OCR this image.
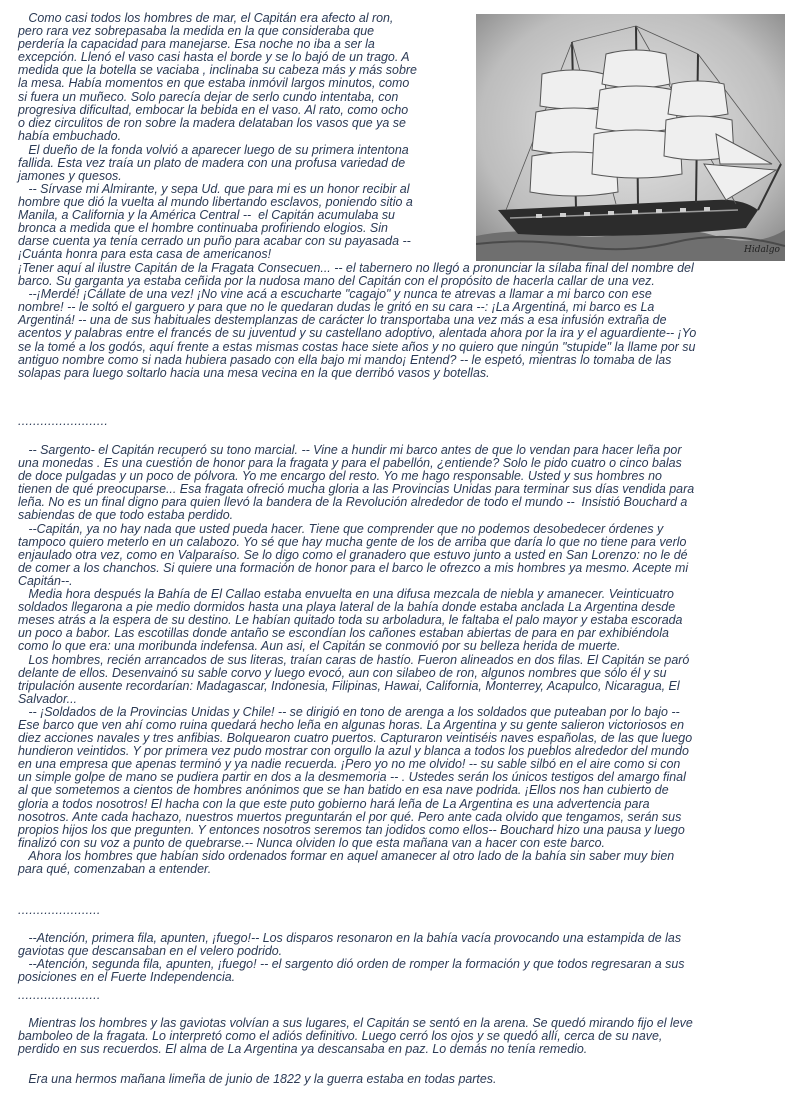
Hidalgo

Como casi todos los hombres de mar, el Capitán era afecto al ron,
pero rara vez sobrepasaba la medida en la que consideraba que
perdería la capacidad para manejarse. Esa noche no iba a ser la
excepción. Llenó el vaso casi hasta el borde y se lo bajó de un trago. A
medida que la botella se vaciaba , inclinaba su cabeza más y más sobre
la mesa. Había momentos en que estaba inmóvil largos minutos, como
si fuera un muñeco. Solo parecía dejar de serlo cundo intentaba, con
progresiva dificultad, embocar la bebida en el vaso. Al rato, como ocho
o diez circulitos de ron sobre la madera delataban los vasos que ya se
había embuchado.

El dueño de la fonda volvió a aparecer luego de su primera intentona
fallida. Esta vez traía un plato de madera con una profusa variedad de
jamones y quesos.

-- Sírvase mi Almirante, y sepa Ud. que para mi es un honor recibir al
hombre que dió la vuelta al mundo libertando esclavos, poniendo sitio a
Manila, a California y la América Central --  el Capitán acumulaba su
bronca a medida que el hombre continuaba profiriendo elogios. Sin
darse cuenta ya tenía cerrado un puño para acabar con su payasada --
¡Cuánta honra para esta casa de americanos!

¡Tener aquí al ilustre Capitán de la Fragata Consecuen... -- el tabernero no llegó a pronunciar la sílaba final del nombre del
barco. Su garganta ya estaba ceñida por la nudosa mano del Capitán con el propósito de hacerla callar de una vez.
--¡Merdé! ¡Cállate de una vez! ¡No vine acá a escucharte "cagajo" y nunca te atrevas a llamar a mi barco con ese
nombre! -- le soltó el garguero y para que no le quedaran dudas le gritó en su cara --: ¡La Argentiná, mi barco es La
Argentiná! -- una de sus habituales destemplanzas de carácter lo transportaba una vez más a esa infusión extraña de
acentos y palabras entre el francés de su juventud y su castellano adoptivo, alentada ahora por la ira y el aguardiente-- ¡Yo
se la tomé a los godós, aquí frente a estas mismas costas hace siete años y no quiero que ningún "stupide" la llame por su
antiguo nombre como si nada hubiera pasado con ella bajo mi mando¡ Entend? -- le espetó, mientras lo tomaba de las
solapas para luego soltarlo hacia una mesa vecina en la que derribó vasos y botellas.

........................

-- Sargento- el Capitán recuperó su tono marcial. -- Vine a hundir mi barco antes de que lo vendan para hacer leña por
una monedas . Es una cuestión de honor para la fragata y para el pabellón, ¿entiende? Solo le pido cuatro o cinco balas
de doce pulgadas y un poco de pólvora. Yo me encargo del resto. Yo me hago responsable. Usted y sus hombres no
tienen de qué preocuparse... Esa fragata ofreció mucha gloria a las Provincias Unidas para terminar sus días vendida para
leña. No es un final digno para quien llevó la bandera de la Revolución alrededor de todo el mundo --  Insistió Bouchard a
sabiendas de que todo estaba perdido.
--Capitán, ya no hay nada que usted pueda hacer. Tiene que comprender que no podemos desobedecer órdenes y
tampoco quiero meterlo en un calabozo. Yo sé que hay mucha gente de los de arriba que daría lo que no tiene para verlo
enjaulado otra vez, como en Valparaíso. Se lo digo como el granadero que estuvo junto a usted en San Lorenzo: no le dé
de comer a los chanchos. Si quiere una formación de honor para el barco le ofrezco a mis hombres ya mesmo. Acepte mi
Capitán--.
Media hora después la Bahía de El Callao estaba envuelta en una difusa mezcala de niebla y amanecer. Veinticuatro
soldados llegarona a pie medio dormidos hasta una playa lateral de la bahía donde estaba anclada La Argentina desde
meses atrás a la espera de su destino. Le habían quitado toda su arboladura, le faltaba el palo mayor y estaba escorada
un poco a babor. Las escotillas donde antaño se escondían los cañones estaban abiertas de para en par exhibiéndola
como lo que era: una moribunda indefensa. Aun asi, el Capitán se conmovió por su belleza herida de muerte.
Los hombres, recién arrancados de sus literas, traían caras de hastío. Fueron alineados en dos filas. El Capitán se paró
delante de ellos. Desenvainó su sable corvo y luego evocó, aun con silabeo de ron, algunos nombres que sólo él y su
tripulación ausente recordarían: Madagascar, Indonesia, Filipinas, Hawai, California, Monterrey, Acapulco, Nicaragua, El
Salvador...
-- ¡Soldados de la Provincias Unidas y Chile! -- se dirigió en tono de arenga a los soldados que puteaban por lo bajo --
Ese barco que ven ahí como ruina quedará hecho leña en algunas horas. La Argentina y su gente salieron victoriosos en
diez acciones navales y tres anfibias. Bolquearon cuatro puertos. Capturaron veintiséis naves españolas, de las que luego
hundieron veintidos. Y por primera vez pudo mostrar con orgullo la azul y blanca a todos los pueblos alrededor del mundo
en una empresa que apenas terminó y ya nadie recuerda. ¡Pero yo no me olvido! -- su sable silbó en el aire como si con
un simple golpe de mano se pudiera partir en dos a la desmemoria -- . Ustedes serán los únicos testigos del amargo final
al que sometemos a cientos de hombres anónimos que se han batido en esa nave podrida. ¡Ellos nos han cubierto de
gloria a todos nosotros! El hacha con la que este puto gobierno hará leña de La Argentina es una advertencia para
nosotros. Ante cada hachazo, nuestros muertos preguntarán el por qué. Pero ante cada olvido que tengamos, serán sus
propios hijos los que pregunten. Y entonces nosotros seremos tan jodidos como ellos-- Bouchard hizo una pausa y luego
finalizó con su voz a punto de quebrarse.-- Nunca olviden lo que esta mañana van a hacer con este barco.
Ahora los hombres que habían sido ordenados formar en aquel amanecer al otro lado de la bahía sin saber muy bien
para qué, comenzaban a entender.

......................

--Atención, primera fila, apunten, ¡fuego!-- Los disparos resonaron en la bahía vacía provocando una estampida de las
gaviotas que descansaban en el velero podrido.
--Atención, segunda fila, apunten, ¡fuego! -- el sargento dió orden de romper la formación y que todos regresaran a sus
posiciones en el Fuerte Independencia.

......................

Mientras los hombres y las gaviotas volvían a sus lugares, el Capitán se sentó en la arena. Se quedó mirando fijo el leve
bamboleo de la fragata. Lo interpretó como el adiós definitivo. Luego cerró los ojos y se quedó allí, cerca de su nave,
perdido en sus recuerdos. El alma de La Argentina ya descansaba en paz. Lo demás no tenía remedio.

Era una hermos mañana limeña de junio de 1822 y la guerra estaba en todas partes.
